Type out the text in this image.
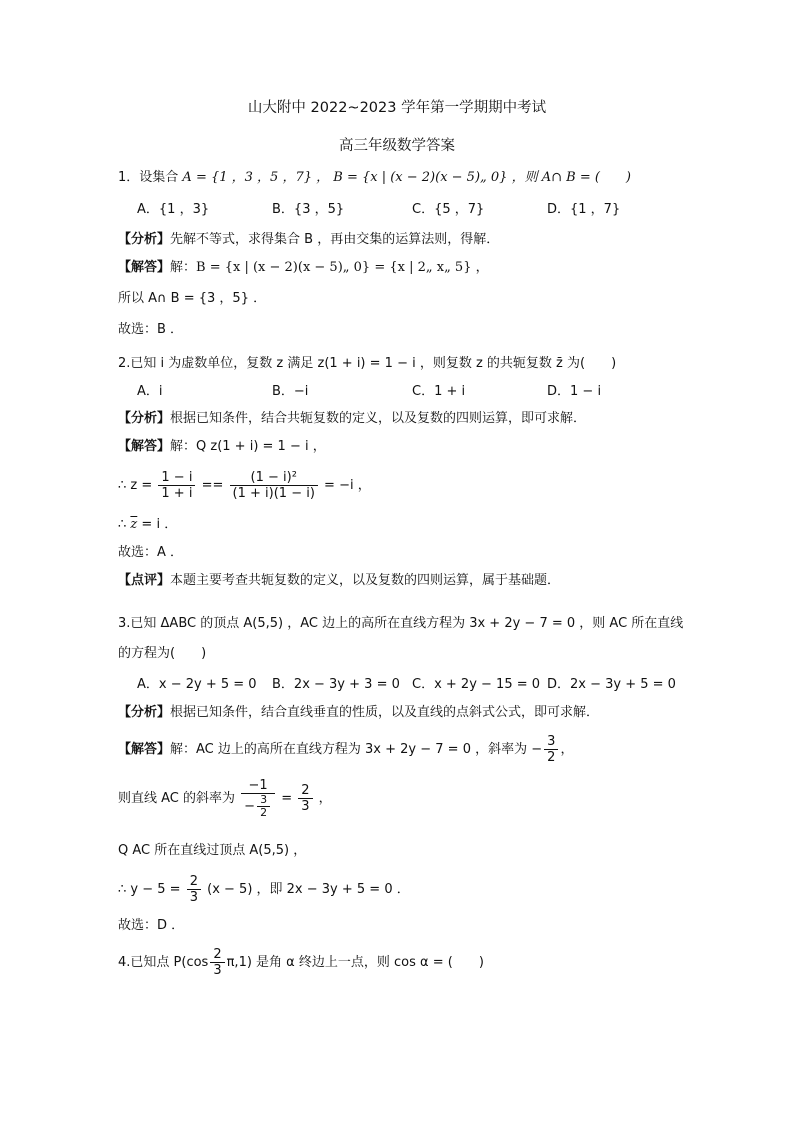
山大附中 2022~2023 学年第一学期期中考试
高三年级数学答案
1．设集合 A = {1 ，3 ，5 ，7} ， B = {x | (x − 2)(x − 5)„ 0} ，则 A∩ B = (　　)
A．{1 ，3}	B．{3 ，5}	C．{5 ，7}	D．{1 ，7}
【分析】先解不等式，求得集合 B ，再由交集的运算法则，得解．
【解答】解：B = {x | (x − 2)(x − 5)„ 0} = {x | 2„ x„ 5} ，
所以 A∩ B = {3 ，5} ．
故选：B ．
2.已知 i 为虚数单位，复数 z 满足 z(1 + i) = 1 − i ，则复数 z 的共轭复数 z̄ 为(　　)
A．i	B．−i	C．1 + i	D．1 − i
【分析】根据已知条件，结合共轭复数的定义，以及复数的四则运算，即可求解．
【解答】解：Q z(1 + i) = 1 − i ，
∴ $z = \frac{1 - i}{1 + i} == \frac{\text{(1 − i)²}}{(1 + i)(1 - i)} = -i$ ，
∴ $\overline{z} = i$ ．
故选：A ．
【点评】本题主要考查共轭复数的定义，以及复数的四则运算，属于基础题．
3.已知 ΔABC 的顶点 A(5,5) ，AC 边上的高所在直线方程为 3x + 2y − 7 = 0 ，则 AC 所在直线
的方程为(　　)
A．x − 2y + 5 = 0 B．2x − 3y + 3 = 0 C．x + 2y − 15 = 0 D．2x − 3y + 5 = 0
【分析】根据已知条件，结合直线垂直的性质，以及直线的点斜式公式，即可求解．
【解答】解：AC 边上的高所在直线方程为 3x + 2y − 7 = 0 ，斜率为 − $\frac{3}{2}$ ，
则直线 AC 的斜率为 $\frac{-1}{- \frac{3}{2}} = \frac{2}{3}$ ，
Q AC 所在直线过顶点 A(5,5) ，
∴ $y - 5 = \frac{2}{3} (x - 5)$ ，即 2x − 3y + 5 = 0 ．
故选：D ．
4.已知点 $P(\cos \frac{2}{3} \pi,1)$ 是角 α 终边上一点，则 cos α = (　　)
